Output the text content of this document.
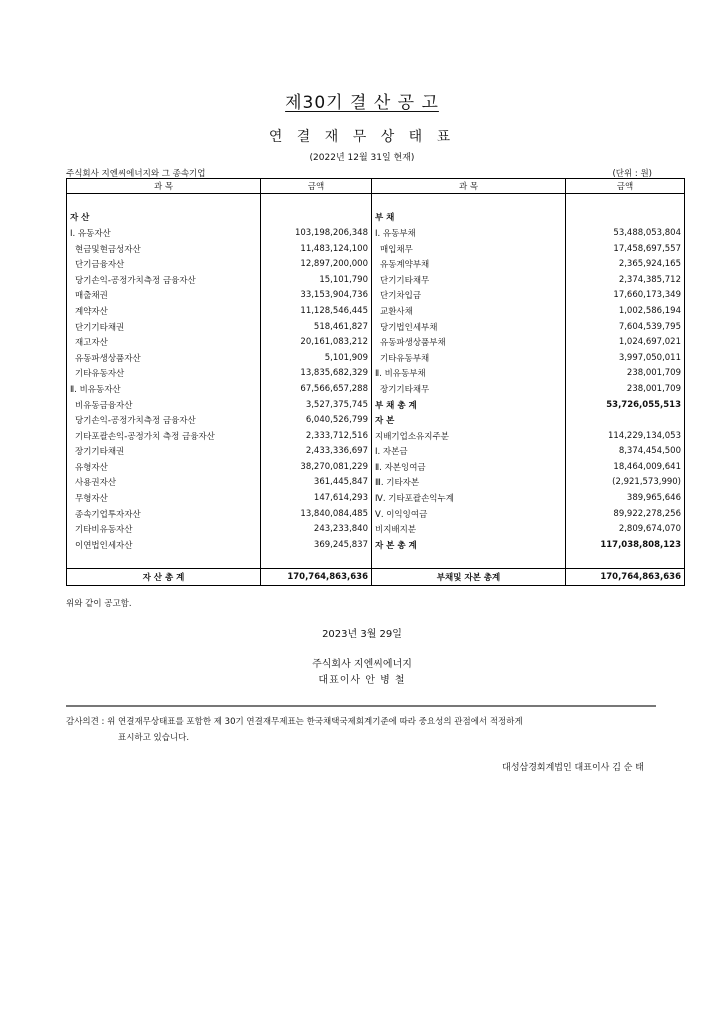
제30기 결 산 공 고
연 결 재 무 상 태 표
(2022년 12월 31일 현재)
주식회사 지엔씨에너지와 그 종속기업	(단위 : 원)
과 목	금액	과 목	금액

자 산		부 채	
Ⅰ. 유동자산	103,198,206,348	Ⅰ. 유동부채	53,488,053,804
현금및현금성자산	11,483,124,100	매입채무	17,458,697,557
단기금융자산	12,897,200,000	유동계약부채	2,365,924,165
당기손익-공정가치측정 금융자산	15,101,790	단기기타채무	2,374,385,712
매출채권	33,153,904,736	단기차입금	17,660,173,349
계약자산	11,128,546,445	교환사채	1,002,586,194
단기기타채권	518,461,827	당기법인세부채	7,604,539,795
재고자산	20,161,083,212	유동파생상품부채	1,024,697,021
유동파생상품자산	5,101,909	기타유동부채	3,997,050,011
기타유동자산	13,835,682,329	Ⅱ. 비유동부채	238,001,709
Ⅱ. 비유동자산	67,566,657,288	장기기타채무	238,001,709
비유동금융자산	3,527,375,745	부 채 총 계	53,726,055,513
당기손익-공정가치측정 금융자산	6,040,526,799	자 본	
기타포괄손익-공정가치 측정 금융자산	2,333,712,516	지배기업소유지주분	114,229,134,053
장기기타채권	2,433,336,697	Ⅰ. 자본금	8,374,454,500
유형자산	38,270,081,229	Ⅱ. 자본잉여금	18,464,009,641
사용권자산	361,445,847	Ⅲ. 기타자본	(2,921,573,990)
무형자산	147,614,293	Ⅳ. 기타포괄손익누계	389,965,646
종속기업투자자산	13,840,084,485	Ⅴ. 이익잉여금	89,922,278,256
기타비유동자산	243,233,840	비지배지분	2,809,674,070
이연법인세자산	369,245,837	자 본 총 계	117,038,808,123

자 산 총 계	170,764,863,636	부채및 자본 총계	170,764,863,636
위와 같이 공고함.
2023년 3월 29일
주식회사 지엔씨에너지
대표이사 안 병 철
감사의견 : 위 연결재무상태표를 포함한 제 30기 연결재무제표는 한국채택국제회계기준에 따라 중요성의 관점에서 적정하게
표시하고 있습니다.
대성삼경회계법인 대표이사 김 순 태
